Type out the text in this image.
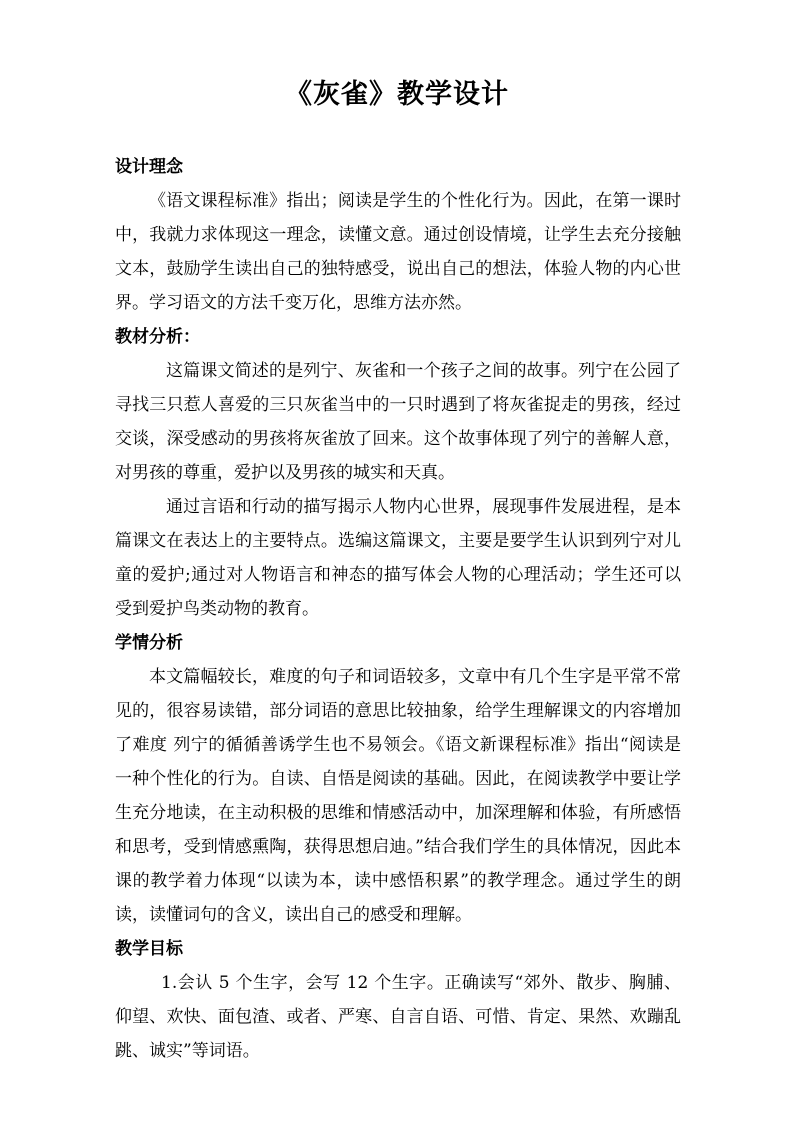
《灰雀》教学设计
设计理念

《语文课程标准》指出；阅读是学生的个性化行为。因此，在第一课时中，我就力求体现这一理念，读懂文意。通过创设情境，让学生去充分接触文本，鼓励学生读出自己的独特感受，说出自己的想法，体验人物的内心世界。学习语文的方法千变万化，思维方法亦然。

教材分析：

这篇课文简述的是列宁、灰雀和一个孩子之间的故事。列宁在公园了寻找三只惹人喜爱的三只灰雀当中的一只时遇到了将灰雀捉走的男孩，经过交谈，深受感动的男孩将灰雀放了回来。这个故事体现了列宁的善解人意，对男孩的尊重，爱护以及男孩的城实和天真。

通过言语和行动的描写揭示人物内心世界，展现事件发展进程，是本篇课文在表达上的主要特点。选编这篇课文，主要是要学生认识到列宁对儿童的爱护;通过对人物语言和神态的描写体会人物的心理活动；学生还可以受到爱护鸟类动物的教育。

学情分析

本文篇幅较长，难度的句子和词语较多，文章中有几个生字是平常不常见的，很容易读错，部分词语的意思比较抽象，给学生理解课文的内容增加了难度 列宁的循循善诱学生也不易领会。《语文新课程标准》指出“阅读是一种个性化的行为。自读、自悟是阅读的基础。因此，在阅读教学中要让学生充分地读，在主动积极的思维和情感活动中，加深理解和体验，有所感悟和思考，受到情感熏陶，获得思想启迪。”结合我们学生的具体情况，因此本课的教学着力体现“以读为本，读中感悟积累”的教学理念。通过学生的朗读，读懂词句的含义，读出自己的感受和理解。

教学目标

1.会认 5 个生字，会写 12 个生字。正确读写“郊外、散步、胸脯、仰望、欢快、面包渣、或者、严寒、自言自语、可惜、肯定、果然、欢蹦乱跳、诚实”等词语。
